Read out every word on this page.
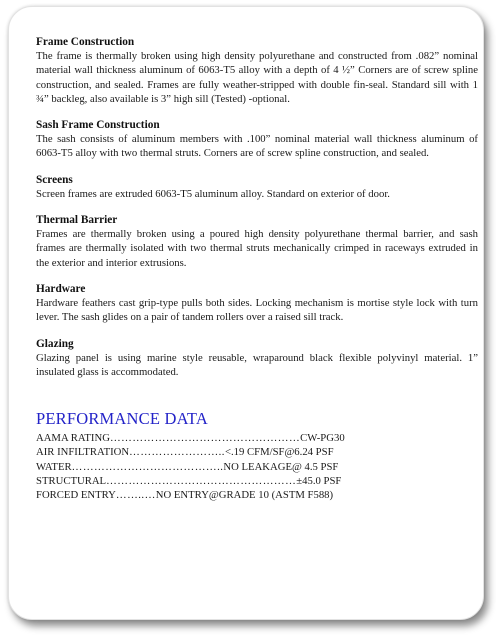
Frame Construction

The frame is thermally broken using high density polyurethane and constructed from .082” nominal material wall thickness aluminum of 6063-T5 alloy with a depth of 4 ½” Corners are of screw spline construction, and sealed. Frames are fully weather-stripped with double fin-seal. Standard sill with 1 ¾” backleg, also available is 3” high sill (Tested) -optional.

Sash Frame Construction

The sash consists of aluminum members with .100” nominal material wall thickness aluminum of 6063-T5 alloy with two thermal struts. Corners are of screw spline construction, and sealed.

Screens

Screen frames are extruded 6063-T5 aluminum alloy. Standard on exterior of door.

Thermal Barrier

Frames are thermally broken using a poured high density polyurethane thermal barrier, and sash frames are thermally isolated with two thermal struts mechanically crimped in raceways extruded in the exterior and interior extrusions.

Hardware

Hardware feathers cast grip-type pulls both sides. Locking mechanism is mortise style lock with turn lever. The sash glides on a pair of tandem rollers over a raised sill track.

Glazing

Glazing panel is using marine style reusable, wraparound black flexible polyvinyl material. 1” insulated glass is accommodated.

PERFORMANCE DATA
AAMA RATING……………………………………………CW-PG30
AIR INFILTRATION……………………..<.19 CFM/SF@6.24 PSF
WATER…………………………………..NO LEAKAGE@ 4.5 PSF
STRUCTURAL……………………………………………±45.0 PSF
FORCED ENTRY……..…NO ENTRY@GRADE 10 (ASTM F588)
